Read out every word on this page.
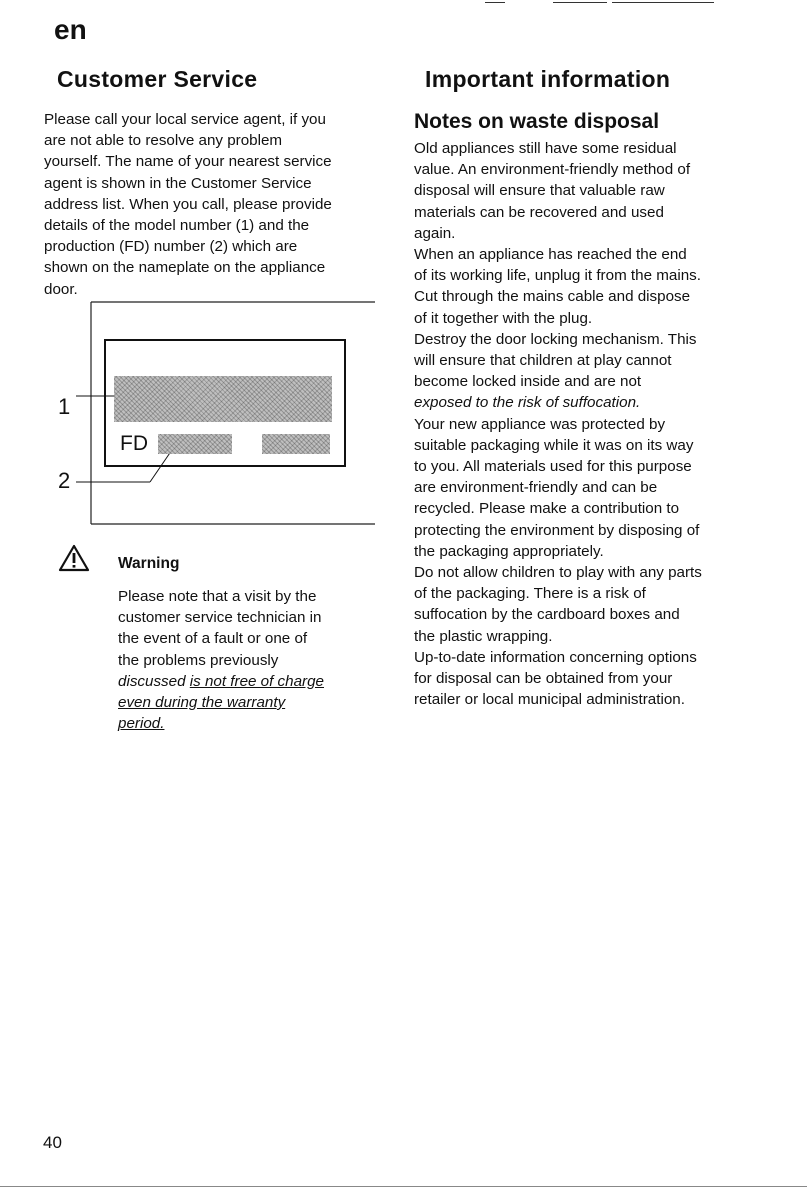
en
Customer Service

Please call your local service agent, if you

are not able to resolve any problem

yourself. The name of your nearest service

agent is shown in the Customer Service

address list. When you call, please provide

details of the model number (1) and the

production (FD) number (2) which are

shown on the nameplate on the appliance

door.

FD
1
2
Warning

Please note that a visit by the

customer service technician in

the event of a fault or one of

the problems previously

discussed is not free of charge

even during the warranty

period.

Important information
Notes on waste disposal

Old appliances still have some residual

value. An environment-friendly method of

disposal will ensure that valuable raw

materials can be recovered and used

again.

When an appliance has reached the end

of its working life, unplug it from the mains.

Cut through the mains cable and dispose

of it together with the plug.

Destroy the door locking mechanism. This

will ensure that children at play cannot

become locked inside and are not

exposed to the risk of suffocation.

Your new appliance was protected by

suitable packaging while it was on its way

to you. All materials used for this purpose

are environment-friendly and can be

recycled. Please make a contribution to

protecting the environment by disposing of

the packaging appropriately.

Do not allow children to play with any parts

of the packaging. There is a risk of

suffocation by the cardboard boxes and

the plastic wrapping.

Up-to-date information concerning options

for disposal can be obtained from your

retailer or local municipal administration.

40
